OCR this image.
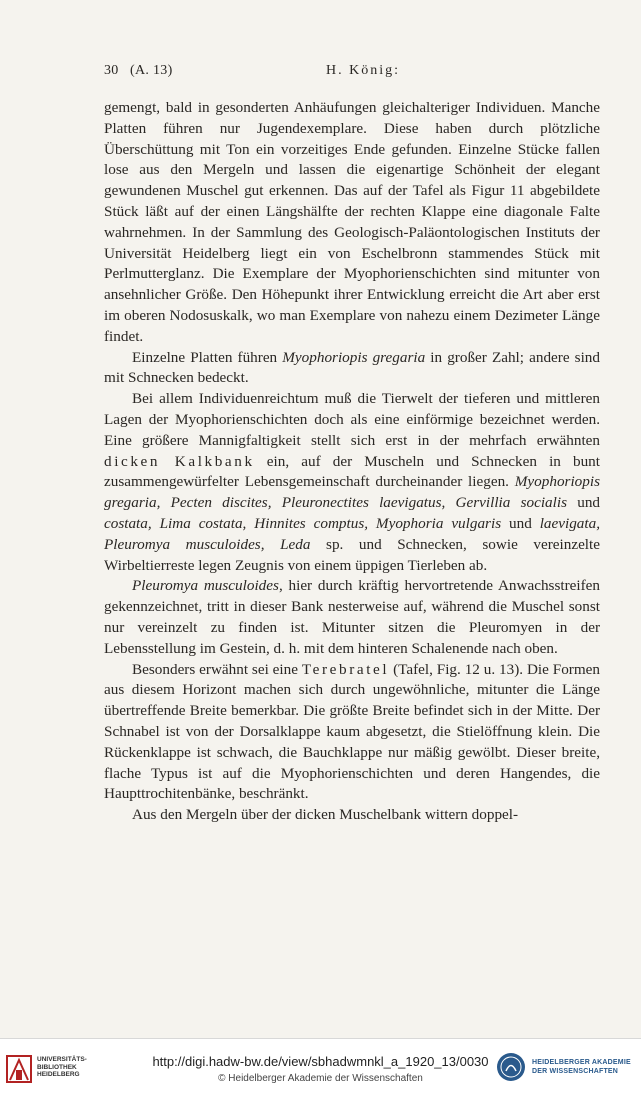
30   (A. 13)	H. König:

gemengt, bald in gesonderten Anhäufungen gleichalteriger Individuen. Manche Platten führen nur Jugendexemplare. Diese haben durch plötzliche Überschüttung mit Ton ein vorzeitiges Ende gefunden. Einzelne Stücke fallen lose aus den Mergeln und lassen die eigenartige Schönheit der elegant gewundenen Muschel gut erkennen. Das auf der Tafel als Figur 11 abgebildete Stück läßt auf der einen Längshälfte der rechten Klappe eine diagonale Falte wahrnehmen. In der Sammlung des Geologisch-Paläontologischen Instituts der Universität Heidelberg liegt ein von Eschelbronn stammendes Stück mit Perlmutterglanz. Die Exemplare der Myophorienschichten sind mitunter von ansehnlicher Größe. Den Höhepunkt ihrer Entwicklung erreicht die Art aber erst im oberen Nodosuskalk, wo man Exemplare von nahezu einem Dezimeter Länge findet.

Einzelne Platten führen Myophoriopis gregaria in großer Zahl; andere sind mit Schnecken bedeckt.

Bei allem Individuenreichtum muß die Tierwelt der tieferen und mittleren Lagen der Myophorienschichten doch als eine einförmige bezeichnet werden. Eine größere Mannigfaltigkeit stellt sich erst in der mehrfach erwähnten dicken Kalkbank ein, auf der Muscheln und Schnecken in bunt zusammengewürfelter Lebensgemeinschaft durcheinander liegen. Myophoriopis gregaria, Pecten discites, Pleuronectites laevigatus, Gervillia socialis und costata, Lima costata, Hinnites comptus, Myophoria vulgaris und laevigata, Pleuromya musculoides, Leda sp. und Schnecken, sowie vereinzelte Wirbeltierreste legen Zeugnis von einem üppigen Tierleben ab.

Pleuromya musculoides, hier durch kräftig hervortretende Anwachsstreifen gekennzeichnet, tritt in dieser Bank nesterweise auf, während die Muschel sonst nur vereinzelt zu finden ist. Mitunter sitzen die Pleuromyen in der Lebensstellung im Gestein, d. h. mit dem hinteren Schalenende nach oben.

Besonders erwähnt sei eine Terebratel (Tafel, Fig. 12 u. 13). Die Formen aus diesem Horizont machen sich durch ungewöhnliche, mitunter die Länge übertreffende Breite bemerkbar. Die größte Breite befindet sich in der Mitte. Der Schnabel ist von der Dorsalklappe kaum abgesetzt, die Stielöffnung klein. Die Rückenklappe ist schwach, die Bauchklappe nur mäßig gewölbt. Dieser breite, flache Typus ist auf die Myophorienschichten und deren Hangendes, die Haupttrochitenbänke, beschränkt.

Aus den Mergeln über der dicken Muschelbank wittern doppel-

UNIVERSITÄTS-
BIBLIOTHEK
HEIDELBERG
http://digi.hadw-bw.de/view/sbhadwmnkl_a_1920_13/0030
© Heidelberger Akademie der Wissenschaften
HEIDELBERGER AKADEMIE
DER WISSENSCHAFTEN
